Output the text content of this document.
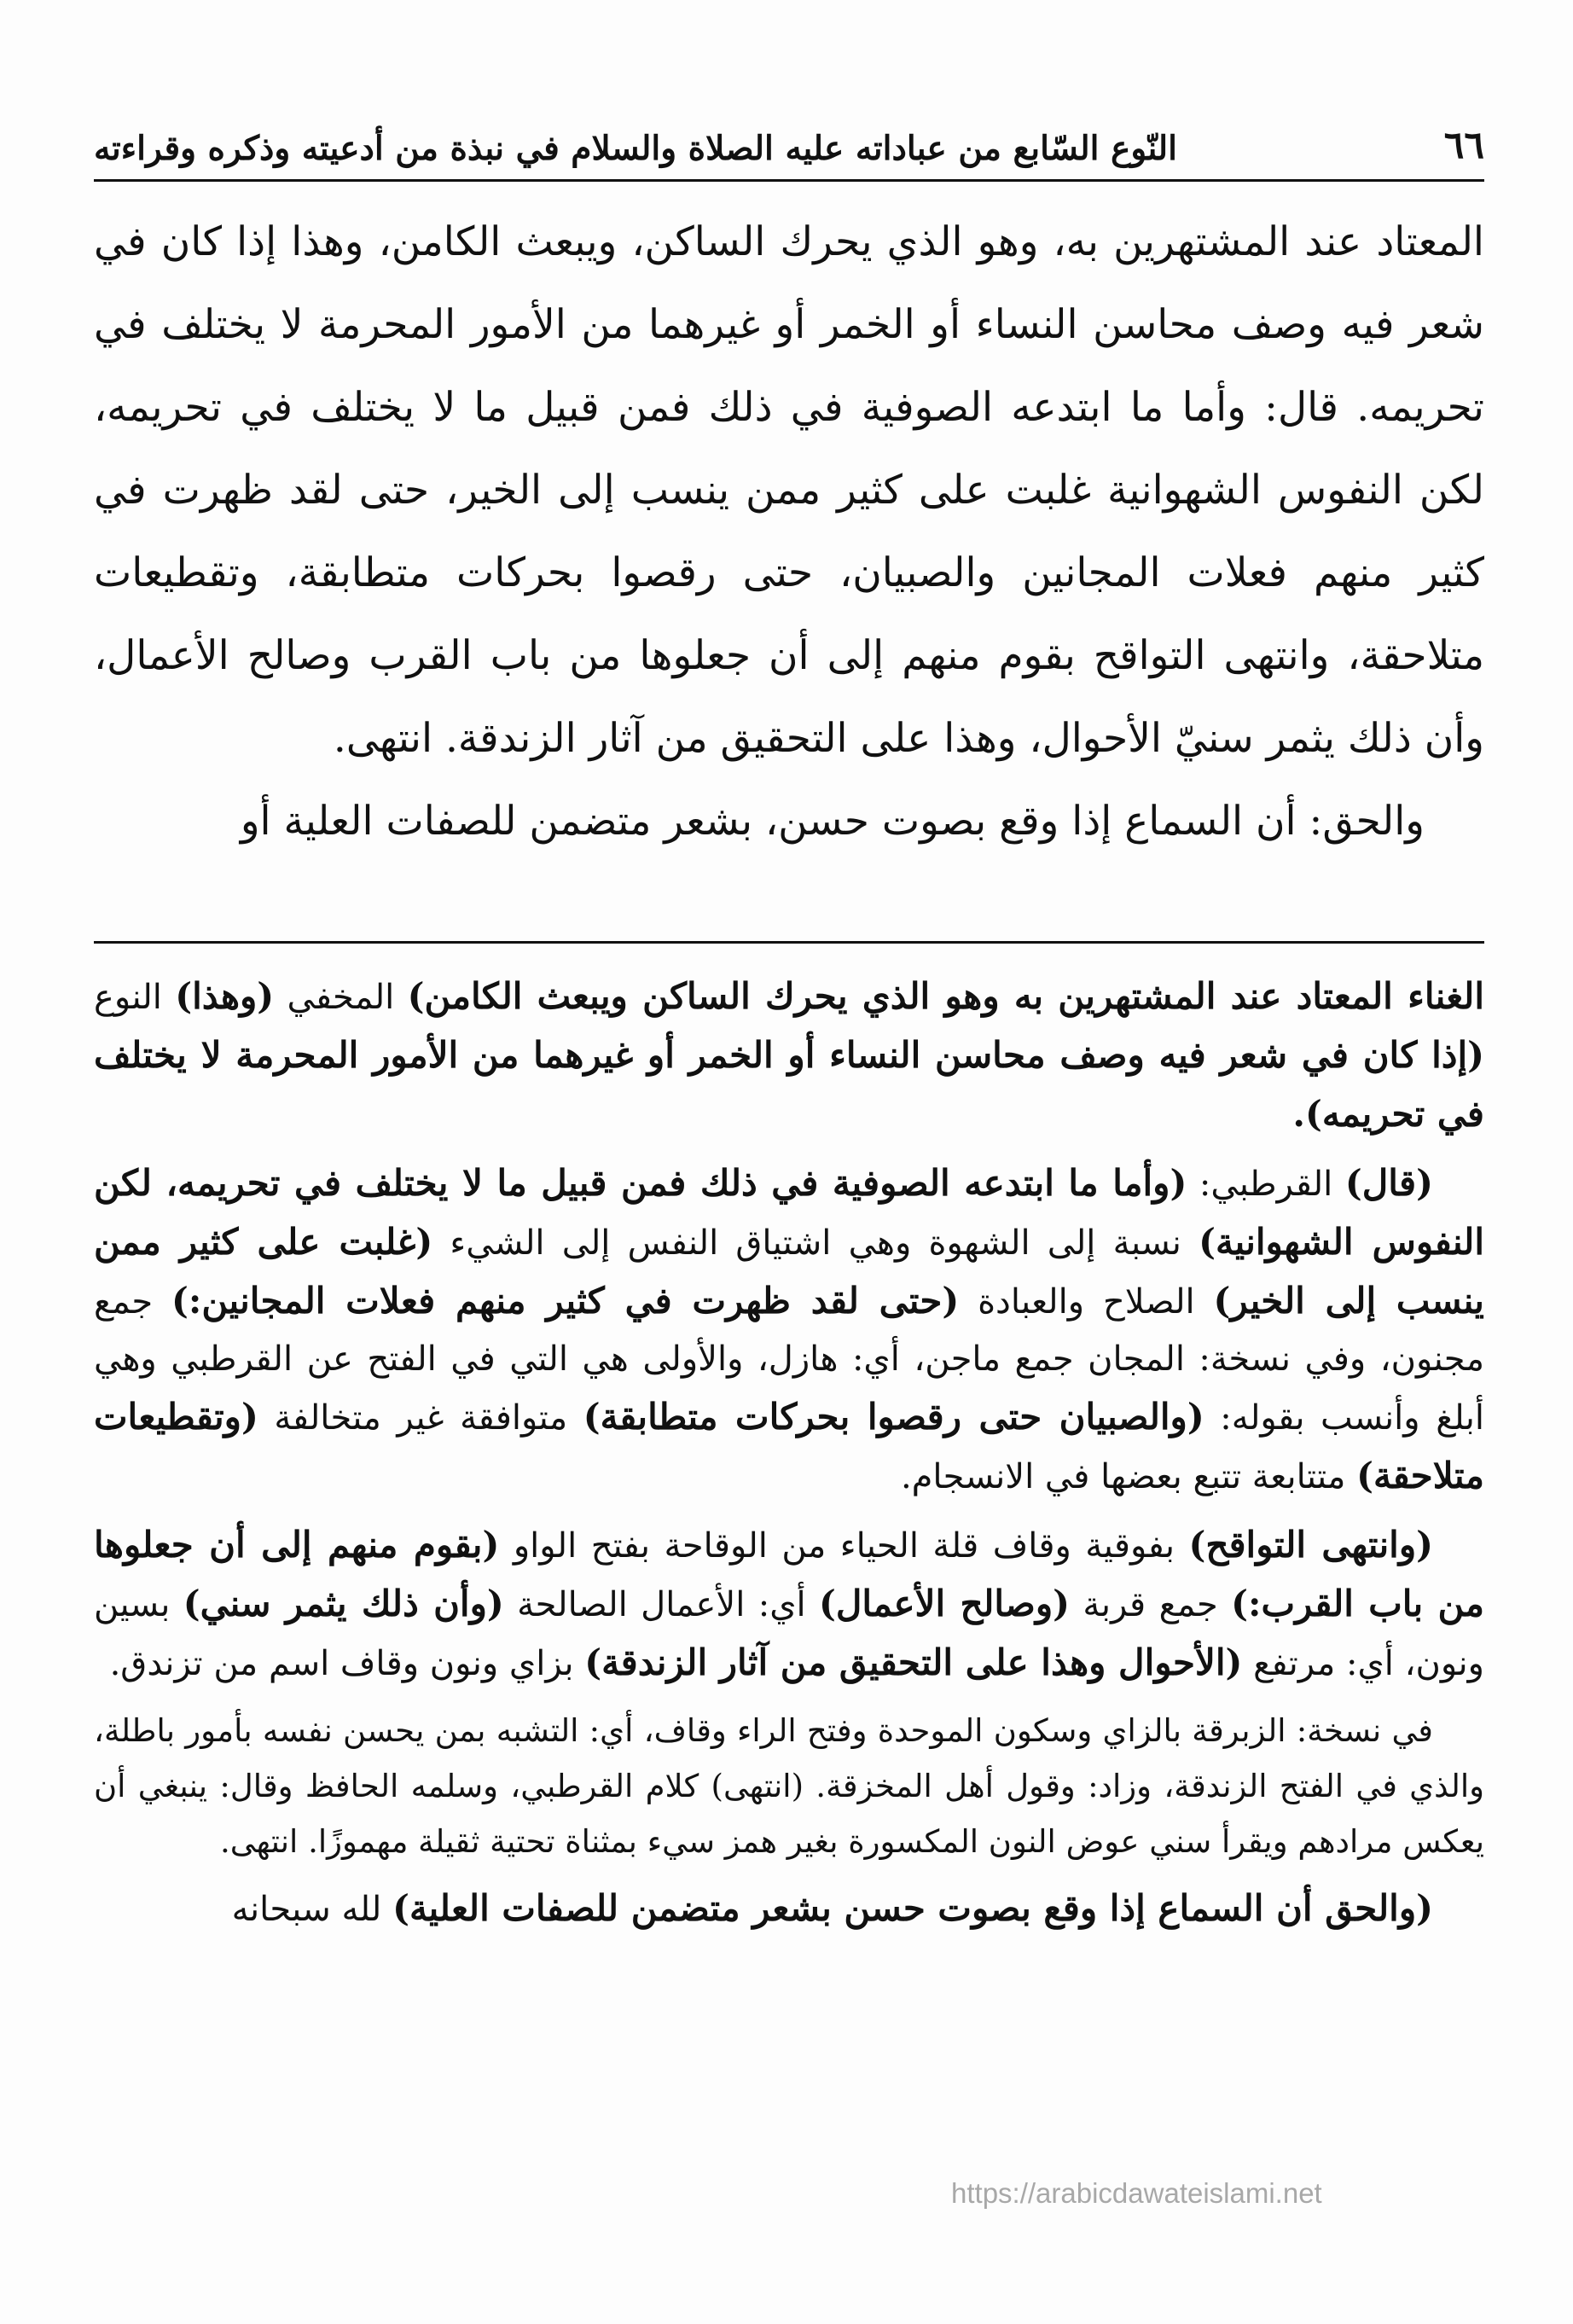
٦٦
النّوع السّابع من عباداته عليه الصلاة والسلام في نبذة من أدعيته وذكره وقراءته

المعتاد عند المشتهرين به، وهو الذي يحرك الساكن، ويبعث الكامن، وهذا إذا كان في شعر فيه وصف محاسن النساء أو الخمر أو غيرهما من الأمور المحرمة لا يختلف في تحريمه. قال: وأما ما ابتدعه الصوفية في ذلك فمن قبيل ما لا يختلف في تحريمه، لكن النفوس الشهوانية غلبت على كثير ممن ينسب إلى الخير، حتى لقد ظهرت في كثير منهم فعلات المجانين والصبيان، حتى رقصوا بحركات متطابقة، وتقطيعات متلاحقة، وانتهى التواقح بقوم منهم إلى أن جعلوها من باب القرب وصالح الأعمال، وأن ذلك يثمر سنيّ الأحوال، وهذا على التحقيق من آثار الزندقة. انتهى.

والحق: أن السماع إذا وقع بصوت حسن، بشعر متضمن للصفات العلية أو

الغناء المعتاد عند المشتهرين به وهو الذي يحرك الساكن ويبعث الكامن) المخفي (وهذا) النوع (إذا كان في شعر فيه وصف محاسن النساء أو الخمر أو غيرهما من الأمور المحرمة لا يختلف في تحريمه).

(قال) القرطبي: (وأما ما ابتدعه الصوفية في ذلك فمن قبيل ما لا يختلف في تحريمه، لكن النفوس الشهوانية) نسبة إلى الشهوة وهي اشتياق النفس إلى الشيء (غلبت على كثير ممن ينسب إلى الخير) الصلاح والعبادة (حتى لقد ظهرت في كثير منهم فعلات المجانين:) جمع مجنون، وفي نسخة: المجان جمع ماجن، أي: هازل، والأولى هي التي في الفتح عن القرطبي وهي أبلغ وأنسب بقوله: (والصبيان حتى رقصوا بحركات متطابقة) متوافقة غير متخالفة (وتقطيعات متلاحقة) متتابعة تتبع بعضها في الانسجام.

(وانتهى التواقح) بفوقية وقاف قلة الحياء من الوقاحة بفتح الواو (بقوم منهم إلى أن جعلوها من باب القرب:) جمع قربة (وصالح الأعمال) أي: الأعمال الصالحة (وأن ذلك يثمر سني) بسين ونون، أي: مرتفع (الأحوال وهذا على التحقيق من آثار الزندقة) بزاي ونون وقاف اسم من تزندق.

في نسخة: الزبرقة بالزاي وسكون الموحدة وفتح الراء وقاف، أي: التشبه بمن يحسن نفسه بأمور باطلة، والذي في الفتح الزندقة، وزاد: وقول أهل المخزقة. (انتهى) كلام القرطبي، وسلمه الحافظ وقال: ينبغي أن يعكس مرادهم ويقرأ سني عوض النون المكسورة بغير همز سيء بمثناة تحتية ثقيلة مهموزًا. انتهى.

(والحق أن السماع إذا وقع بصوت حسن بشعر متضمن للصفات العلية) لله سبحانه

https://arabicdawateislami.net
